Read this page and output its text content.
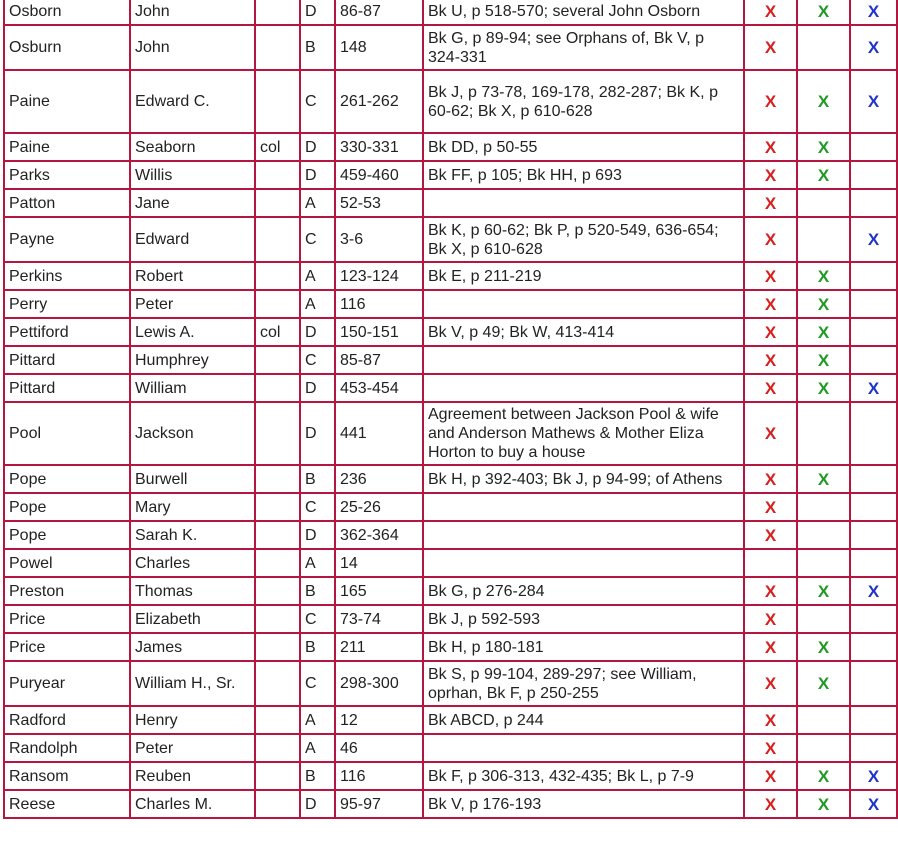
Osborn	John		D	86-87	Bk U, p 518-570; several John Osborn	X	X	X
Osburn	John		B	148	Bk G, p 89-94; see Orphans of, Bk V, p 324-331	X		X
Paine	Edward C.		C	261-262	Bk J, p 73-78, 169-178, 282-287; Bk K, p 60-62; Bk X, p 610-628	X	X	X
Paine	Seaborn	col	D	330-331	Bk DD, p 50-55	X	X	
Parks	Willis		D	459-460	Bk FF, p 105; Bk HH, p 693	X	X	
Patton	Jane		A	52-53		X		
Payne	Edward		C	3-6	Bk K, p 60-62; Bk P, p 520-549, 636-654; Bk X, p 610-628	X		X
Perkins	Robert		A	123-124	Bk E, p 211-219	X	X	
Perry	Peter		A	116		X	X	
Pettiford	Lewis A.	col	D	150-151	Bk V, p 49; Bk W, 413-414	X	X	
Pittard	Humphrey		C	85-87		X	X	
Pittard	William		D	453-454		X	X	X
Pool	Jackson		D	441	Agreement between Jackson Pool & wife and Anderson Mathews & Mother Eliza Horton to buy a house	X		
Pope	Burwell		B	236	Bk H, p 392-403; Bk J, p 94-99; of Athens	X	X	
Pope	Mary		C	25-26		X		
Pope	Sarah K.		D	362-364		X		
Powel	Charles		A	14				
Preston	Thomas		B	165	Bk G, p 276-284	X	X	X
Price	Elizabeth		C	73-74	Bk J, p 592-593	X		
Price	James		B	211	Bk H, p 180-181	X	X	
Puryear	William H., Sr.		C	298-300	Bk S, p 99-104, 289-297; see William, oprhan, Bk F, p 250-255	X	X	
Radford	Henry		A	12	Bk ABCD, p 244	X		
Randolph	Peter		A	46		X		
Ransom	Reuben		B	116	Bk F, p 306-313, 432-435; Bk L, p 7-9	X	X	X
Reese	Charles M.		D	95-97	Bk V, p 176-193	X	X	X
